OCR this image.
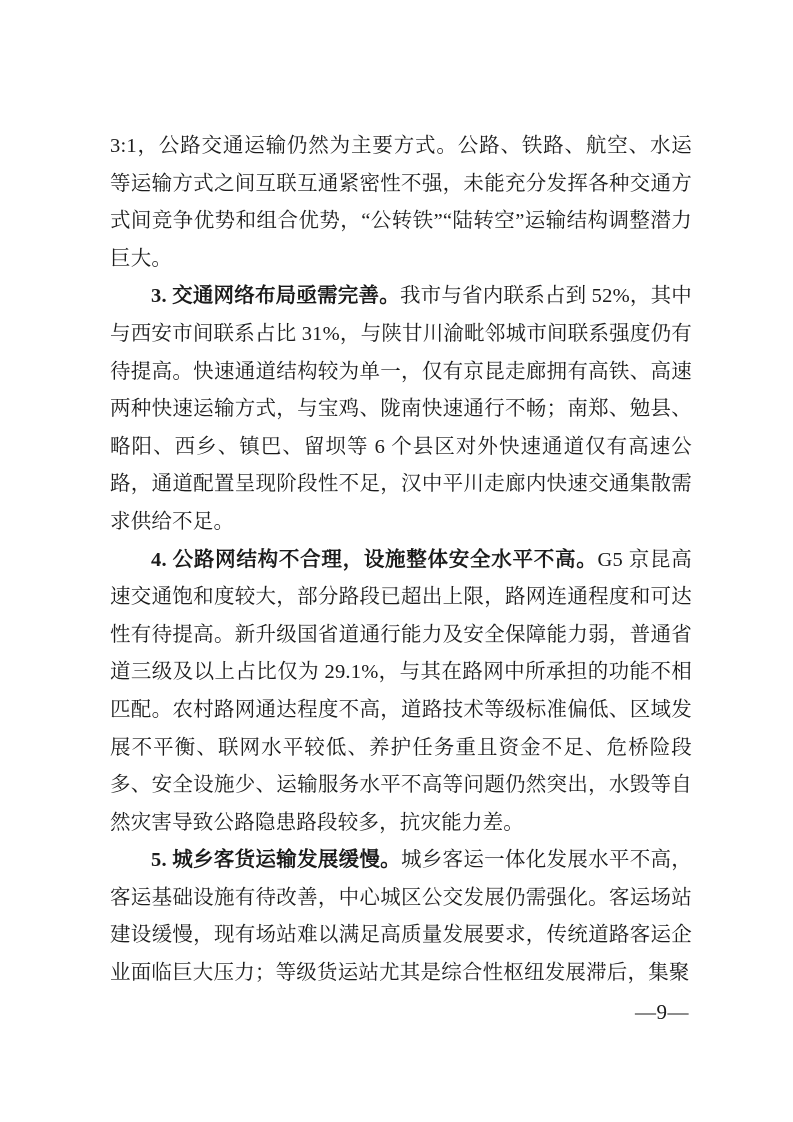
3:1，公路交通运输仍然为主要方式。公路、铁路、航空、水运等运输方式之间互联互通紧密性不强，未能充分发挥各种交通方式间竞争优势和组合优势，“公转铁”“陆转空”运输结构调整潜力巨大。

3. 交通网络布局亟需完善。我市与省内联系占到 52%，其中与西安市间联系占比 31%，与陕甘川渝毗邻城市间联系强度仍有待提高。快速通道结构较为单一，仅有京昆走廊拥有高铁、高速两种快速运输方式，与宝鸡、陇南快速通行不畅；南郑、勉县、略阳、西乡、镇巴、留坝等 6 个县区对外快速通道仅有高速公路，通道配置呈现阶段性不足，汉中平川走廊内快速交通集散需求供给不足。

4. 公路网结构不合理，设施整体安全水平不高。G5 京昆高速交通饱和度较大，部分路段已超出上限，路网连通程度和可达性有待提高。新升级国省道通行能力及安全保障能力弱，普通省道三级及以上占比仅为 29.1%，与其在路网中所承担的功能不相匹配。农村路网通达程度不高，道路技术等级标准偏低、区域发展不平衡、联网水平较低、养护任务重且资金不足、危桥险段多、安全设施少、运输服务水平不高等问题仍然突出，水毁等自然灾害导致公路隐患路段较多，抗灾能力差。

5. 城乡客货运输发展缓慢。城乡客运一体化发展水平不高，客运基础设施有待改善，中心城区公交发展仍需强化。客运场站建设缓慢，现有场站难以满足高质量发展要求，传统道路客运企业面临巨大压力；等级货运站尤其是综合性枢纽发展滞后，集聚

—9—
